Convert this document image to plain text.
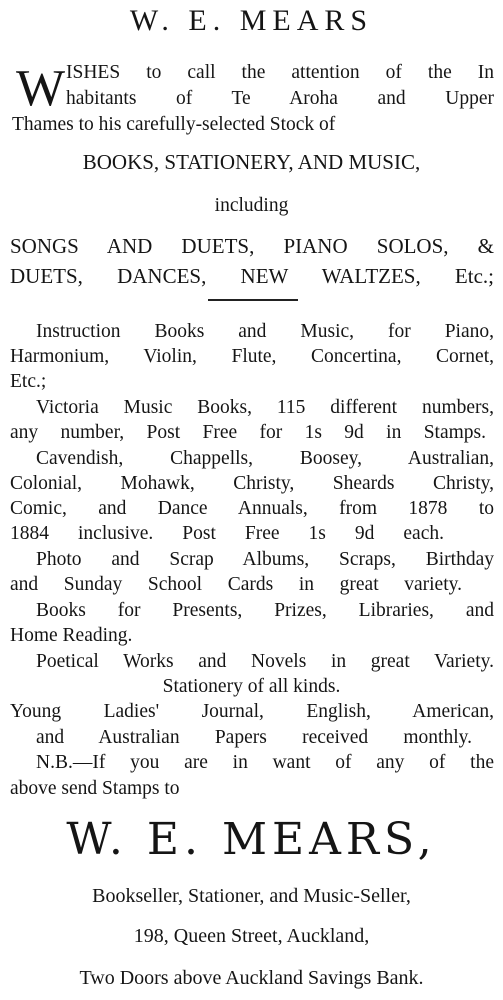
W. E. MEARS
W ISHES to call the attention of the In
habitants of Te Aroha and Upper
Thames to his carefully-selected Stock of
BOOKS, STATIONERY, AND MUSIC,
including
SONGS AND DUETS, PIANO SOLOS, &
DUETS, DANCES, NEW WALTZES, Etc.;
Instruction Books and Music, for Piano,
Harmonium, Violin, Flute, Concertina, Cornet,
Etc.;
Victoria Music Books, 115 different numbers,
any number, Post Free for 1s 9d in Stamps.
Cavendish, Chappells, Boosey, Australian,
Colonial, Mohawk, Christy, Sheards Christy,
Comic, and Dance Annuals, from 1878 to
1884 inclusive. Post Free 1s 9d each.
Photo and Scrap Albums, Scraps, Birthday
and Sunday School Cards in great variety.
Books for Presents, Prizes, Libraries, and
Home Reading.
Poetical Works and Novels in great Variety.
Stationery of all kinds.
Young Ladies' Journal, English, American,
and Australian Papers received monthly.
N.B.—If you are in want of any of the
above send Stamps to
W. E. MEARS,
Bookseller, Stationer, and Music-Seller,
198, Queen Street, Auckland,
Two Doors above Auckland Savings Bank.
